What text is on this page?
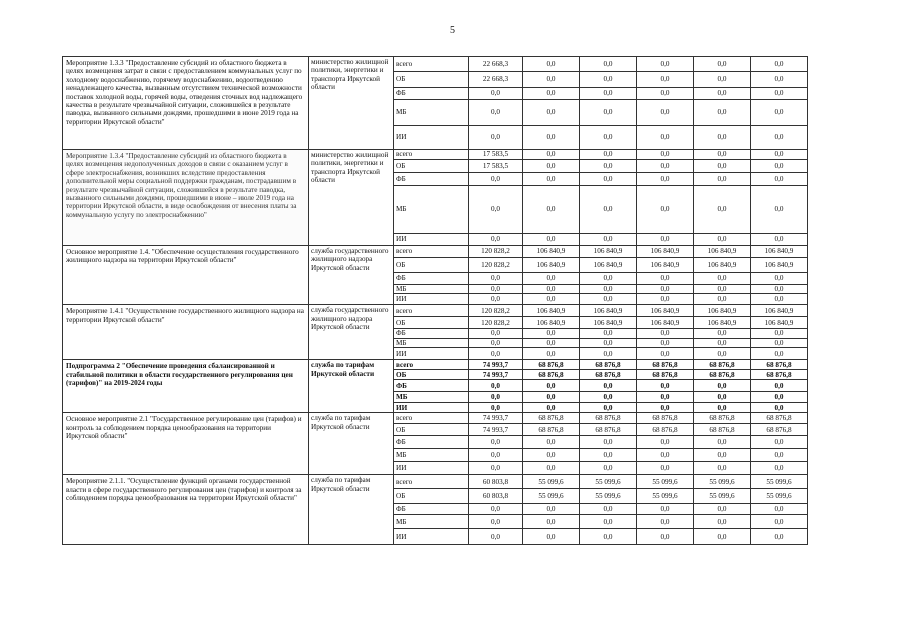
5
Мероприятие 1.3.3 "Предоставление субсидий из областного бюджета в целях возмещения затрат в связи с предоставлением коммунальных услуг по холодному водоснабжению, горячему водоснабжению, водоотведению ненадлежащего качества, вызванным отсутствием технической возможности поставок холодной воды, горячей воды, отведения сточных вод надлежащего качества в результате чрезвычайной ситуации, сложившейся в результате паводка, вызванного сильными дождями, прошедшими в июне 2019 года на территории Иркутской области"	министерство жилищной политики, энергетики и транспорта Иркутской области	всего	22 668,3	0,0	0,0	0,0	0,0	0,0
		ОБ	22 668,3	0,0	0,0	0,0	0,0	0,0
		ФБ	0,0	0,0	0,0	0,0	0,0	0,0
		МБ	0,0	0,0	0,0	0,0	0,0	0,0
		ИИ	0,0	0,0	0,0	0,0	0,0	0,0
Мероприятие 1.3.4 "Предоставление субсидий из областного бюджета в целях возмещения недополученных доходов в связи с оказанием услуг в сфере электроснабжения, возникших вследствие предоставления дополнительной меры социальной поддержки гражданам, пострадавшим в результате чрезвычайной ситуации, сложившейся в результате паводка, вызванного сильными дождями, прошедшими в июне – июле 2019 года на территории Иркутской области, в виде освобождения от внесения платы за коммунальную услугу по электроснабжению"	министерство жилищной политики, энергетики и транспорта Иркутской области	всего	17 583,5	0,0	0,0	0,0	0,0	0,0
		ОБ	17 583,5	0,0	0,0	0,0	0,0	0,0
		ФБ	0,0	0,0	0,0	0,0	0,0	0,0
		МБ	0,0	0,0	0,0	0,0	0,0	0,0
		ИИ	0,0	0,0	0,0	0,0	0,0	0,0
Основное мероприятие 1.4. "Обеспечение осуществления государственного жилищного надзора на территории Иркутской области"	служба государственного жилищного надзора Иркутской области	всего	120 828,2	106 840,9	106 840,9	106 840,9	106 840,9	106 840,9
		ОБ	120 828,2	106 840,9	106 840,9	106 840,9	106 840,9	106 840,9
		ФБ	0,0	0,0	0,0	0,0	0,0	0,0
		МБ	0,0	0,0	0,0	0,0	0,0	0,0
		ИИ	0,0	0,0	0,0	0,0	0,0	0,0
Мероприятие 1.4.1 "Осуществление государственного жилищного надзора на территории Иркутской области"	служба государственного жилищного надзора Иркутской области	всего	120 828,2	106 840,9	106 840,9	106 840,9	106 840,9	106 840,9
		ОБ	120 828,2	106 840,9	106 840,9	106 840,9	106 840,9	106 840,9
		ФБ	0,0	0,0	0,0	0,0	0,0	0,0
		МБ	0,0	0,0	0,0	0,0	0,0	0,0
		ИИ	0,0	0,0	0,0	0,0	0,0	0,0
Подпрограмма 2 "Обеспечение проведения сбалансированной и стабильной политики в области государственного регулирования цен (тарифов)" на 2019-2024 годы	служба по тарифам Иркутской области	всего	74 993,7	68 876,8	68 876,8	68 876,8	68 876,8	68 876,8
		ОБ	74 993,7	68 876,8	68 876,8	68 876,8	68 876,8	68 876,8
		ФБ	0,0	0,0	0,0	0,0	0,0	0,0
		МБ	0,0	0,0	0,0	0,0	0,0	0,0
		ИИ	0,0	0,0	0,0	0,0	0,0	0,0
Основное мероприятие 2.1 "Государственное регулирование цен (тарифов) и контроль за соблюдением порядка ценообразования на территории Иркутской области"	служба по тарифам Иркутской области	всего	74 993,7	68 876,8	68 876,8	68 876,8	68 876,8	68 876,8
		ОБ	74 993,7	68 876,8	68 876,8	68 876,8	68 876,8	68 876,8
		ФБ	0,0	0,0	0,0	0,0	0,0	0,0
		МБ	0,0	0,0	0,0	0,0	0,0	0,0
		ИИ	0,0	0,0	0,0	0,0	0,0	0,0
Мероприятие 2.1.1. "Осуществление функций органами государственной власти в сфере государственного регулирования цен (тарифов) и контроля за соблюдением порядка ценообразования на территории Иркутской области"	служба по тарифам Иркутской области	всего	60 803,8	55 099,6	55 099,6	55 099,6	55 099,6	55 099,6
		ОБ	60 803,8	55 099,6	55 099,6	55 099,6	55 099,6	55 099,6
		ФБ	0,0	0,0	0,0	0,0	0,0	0,0
		МБ	0,0	0,0	0,0	0,0	0,0	0,0
		ИИ	0,0	0,0	0,0	0,0	0,0	0,0
